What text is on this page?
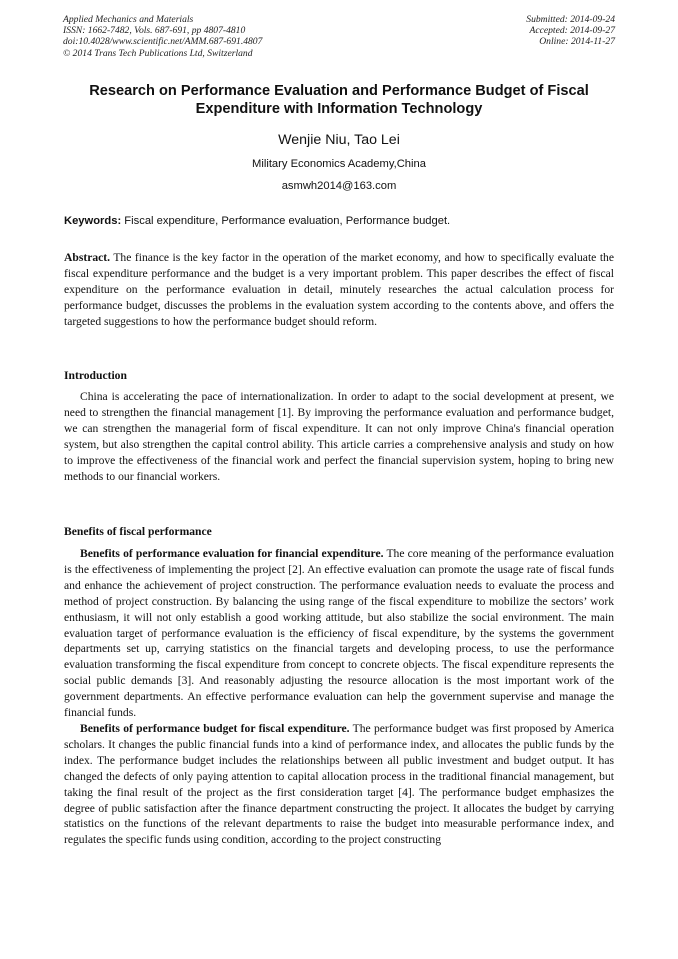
Applied Mechanics and Materials
ISSN: 1662-7482, Vols. 687-691, pp 4807-4810
doi:10.4028/www.scientific.net/AMM.687-691.4807
© 2014 Trans Tech Publications Ltd, Switzerland
Submitted: 2014-09-24
Accepted: 2014-09-27
Online: 2014-11-27
Research on Performance Evaluation and Performance Budget of Fiscal Expenditure with Information Technology
Wenjie Niu, Tao Lei
Military Economics Academy,China
asmwh2014@163.com
Keywords: Fiscal expenditure, Performance evaluation, Performance budget.

Abstract. The finance is the key factor in the operation of the market economy, and how to specifically evaluate the fiscal expenditure performance and the budget is a very important problem. This paper describes the effect of fiscal expenditure on the performance evaluation in detail, minutely researches the actual calculation process for performance budget, discusses the problems in the evaluation system according to the contents above, and offers the targeted suggestions to how the performance budget should reform.

Introduction

China is accelerating the pace of internationalization. In order to adapt to the social development at present, we need to strengthen the financial management [1]. By improving the performance evaluation and performance budget, we can strengthen the managerial form of fiscal expenditure. It can not only improve China's financial operation system, but also strengthen the capital control ability. This article carries a comprehensive analysis and study on how to improve the effectiveness of the financial work and perfect the financial supervision system, hoping to bring new methods to our financial workers.

Benefits of fiscal performance

Benefits of performance evaluation for financial expenditure. The core meaning of the performance evaluation is the effectiveness of implementing the project [2]. An effective evaluation can promote the usage rate of fiscal funds and enhance the achievement of project construction. The performance evaluation needs to evaluate the process and method of project construction. By balancing the using range of the fiscal expenditure to mobilize the sectors’ work enthusiasm, it will not only establish a good working attitude, but also stabilize the social environment. The main evaluation target of performance evaluation is the efficiency of fiscal expenditure, by the systems the government departments set up, carrying statistics on the financial targets and developing process, to use the performance evaluation transforming the fiscal expenditure from concept to concrete objects. The fiscal expenditure represents the social public demands [3]. And reasonably adjusting the resource allocation is the most important work of the government departments. An effective performance evaluation can help the government supervise and manage the financial funds.

Benefits of performance budget for fiscal expenditure. The performance budget was first proposed by America scholars. It changes the public financial funds into a kind of performance index, and allocates the public funds by the index. The performance budget includes the relationships between all public investment and budget output. It has changed the defects of only paying attention to capital allocation process in the traditional financial management, but taking the final result of the project as the first consideration target [4]. The performance budget emphasizes the degree of public satisfaction after the finance department constructing the project. It allocates the budget by carrying statistics on the functions of the relevant departments to raise the budget into measurable performance index, and regulates the specific funds using condition, according to the project constructing
